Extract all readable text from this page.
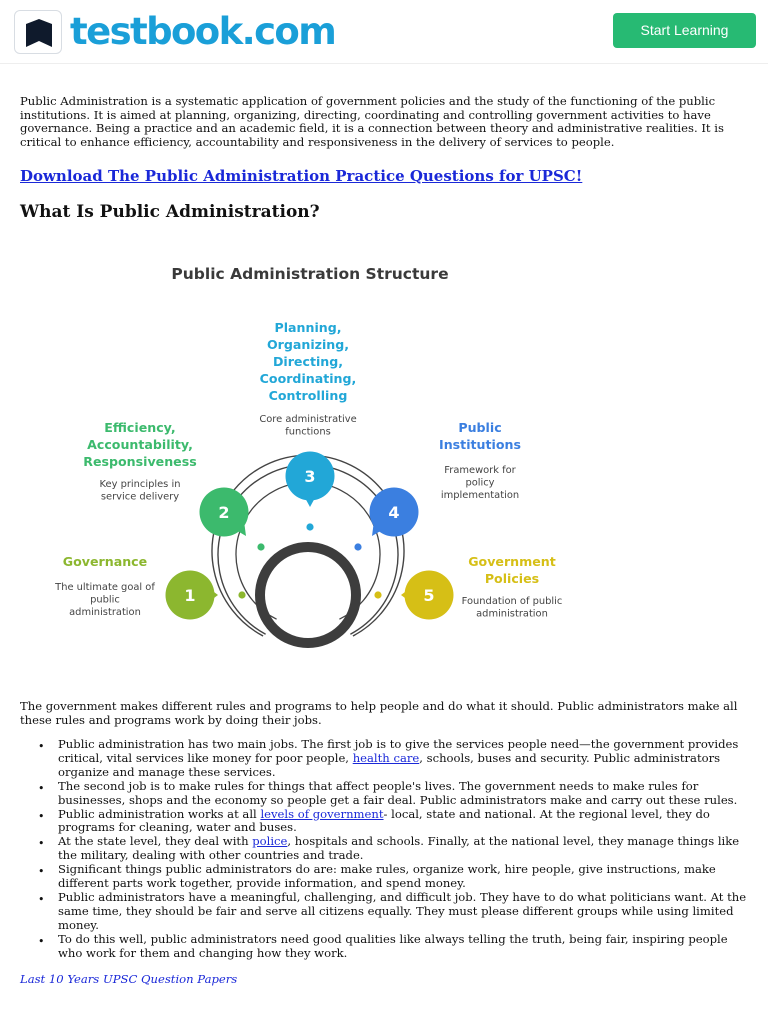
testbook.com	Start Learning

Public Administration is a systematic application of government policies and the study of the functioning of the public institutions. It is aimed at planning, organizing, directing, coordinating and controlling government activities to have governance. Being a practice and an academic field, it is a connection between theory and administrative realities. It is critical to enhance efficiency, accountability and responsiveness in the delivery of services to people.

Download The Public Administration Practice Questions for UPSC!
What Is Public Administration?
Public Administration Structure
1
Governance
The ultimate goal of
public
administration
2
Efficiency,
Accountability,
Responsiveness
Key principles in
service delivery
3
Planning,
Organizing,
Directing,
Coordinating,
Controlling
Core administrative
functions
4
Public
Institutions
Framework for
policy
implementation
5
Government
Policies
Foundation of public
administration

The government makes different rules and programs to help people and do what it should. Public administrators make all these rules and programs work by doing their jobs.

• Public administration has two main jobs. The first job is to give the services people need—the government provides critical, vital services like money for poor people, health care, schools, buses and security. Public administrators organize and manage these services.
• The second job is to make rules for things that affect people's lives. The government needs to make rules for businesses, shops and the economy so people get a fair deal. Public administrators make and carry out these rules.
• Public administration works at all levels of government- local, state and national. At the regional level, they do programs for cleaning, water and buses.
• At the state level, they deal with police, hospitals and schools. Finally, at the national level, they manage things like the military, dealing with other countries and trade.
• Significant things public administrators do are: make rules, organize work, hire people, give instructions, make different parts work together, provide information, and spend money.
• Public administrators have a meaningful, challenging, and difficult job. They have to do what politicians want. At the same time, they should be fair and serve all citizens equally. They must please different groups while using limited money.
• To do this well, public administrators need good qualities like always telling the truth, being fair, inspiring people who work for them and changing how they work.
Last 10 Years UPSC Question Papers
